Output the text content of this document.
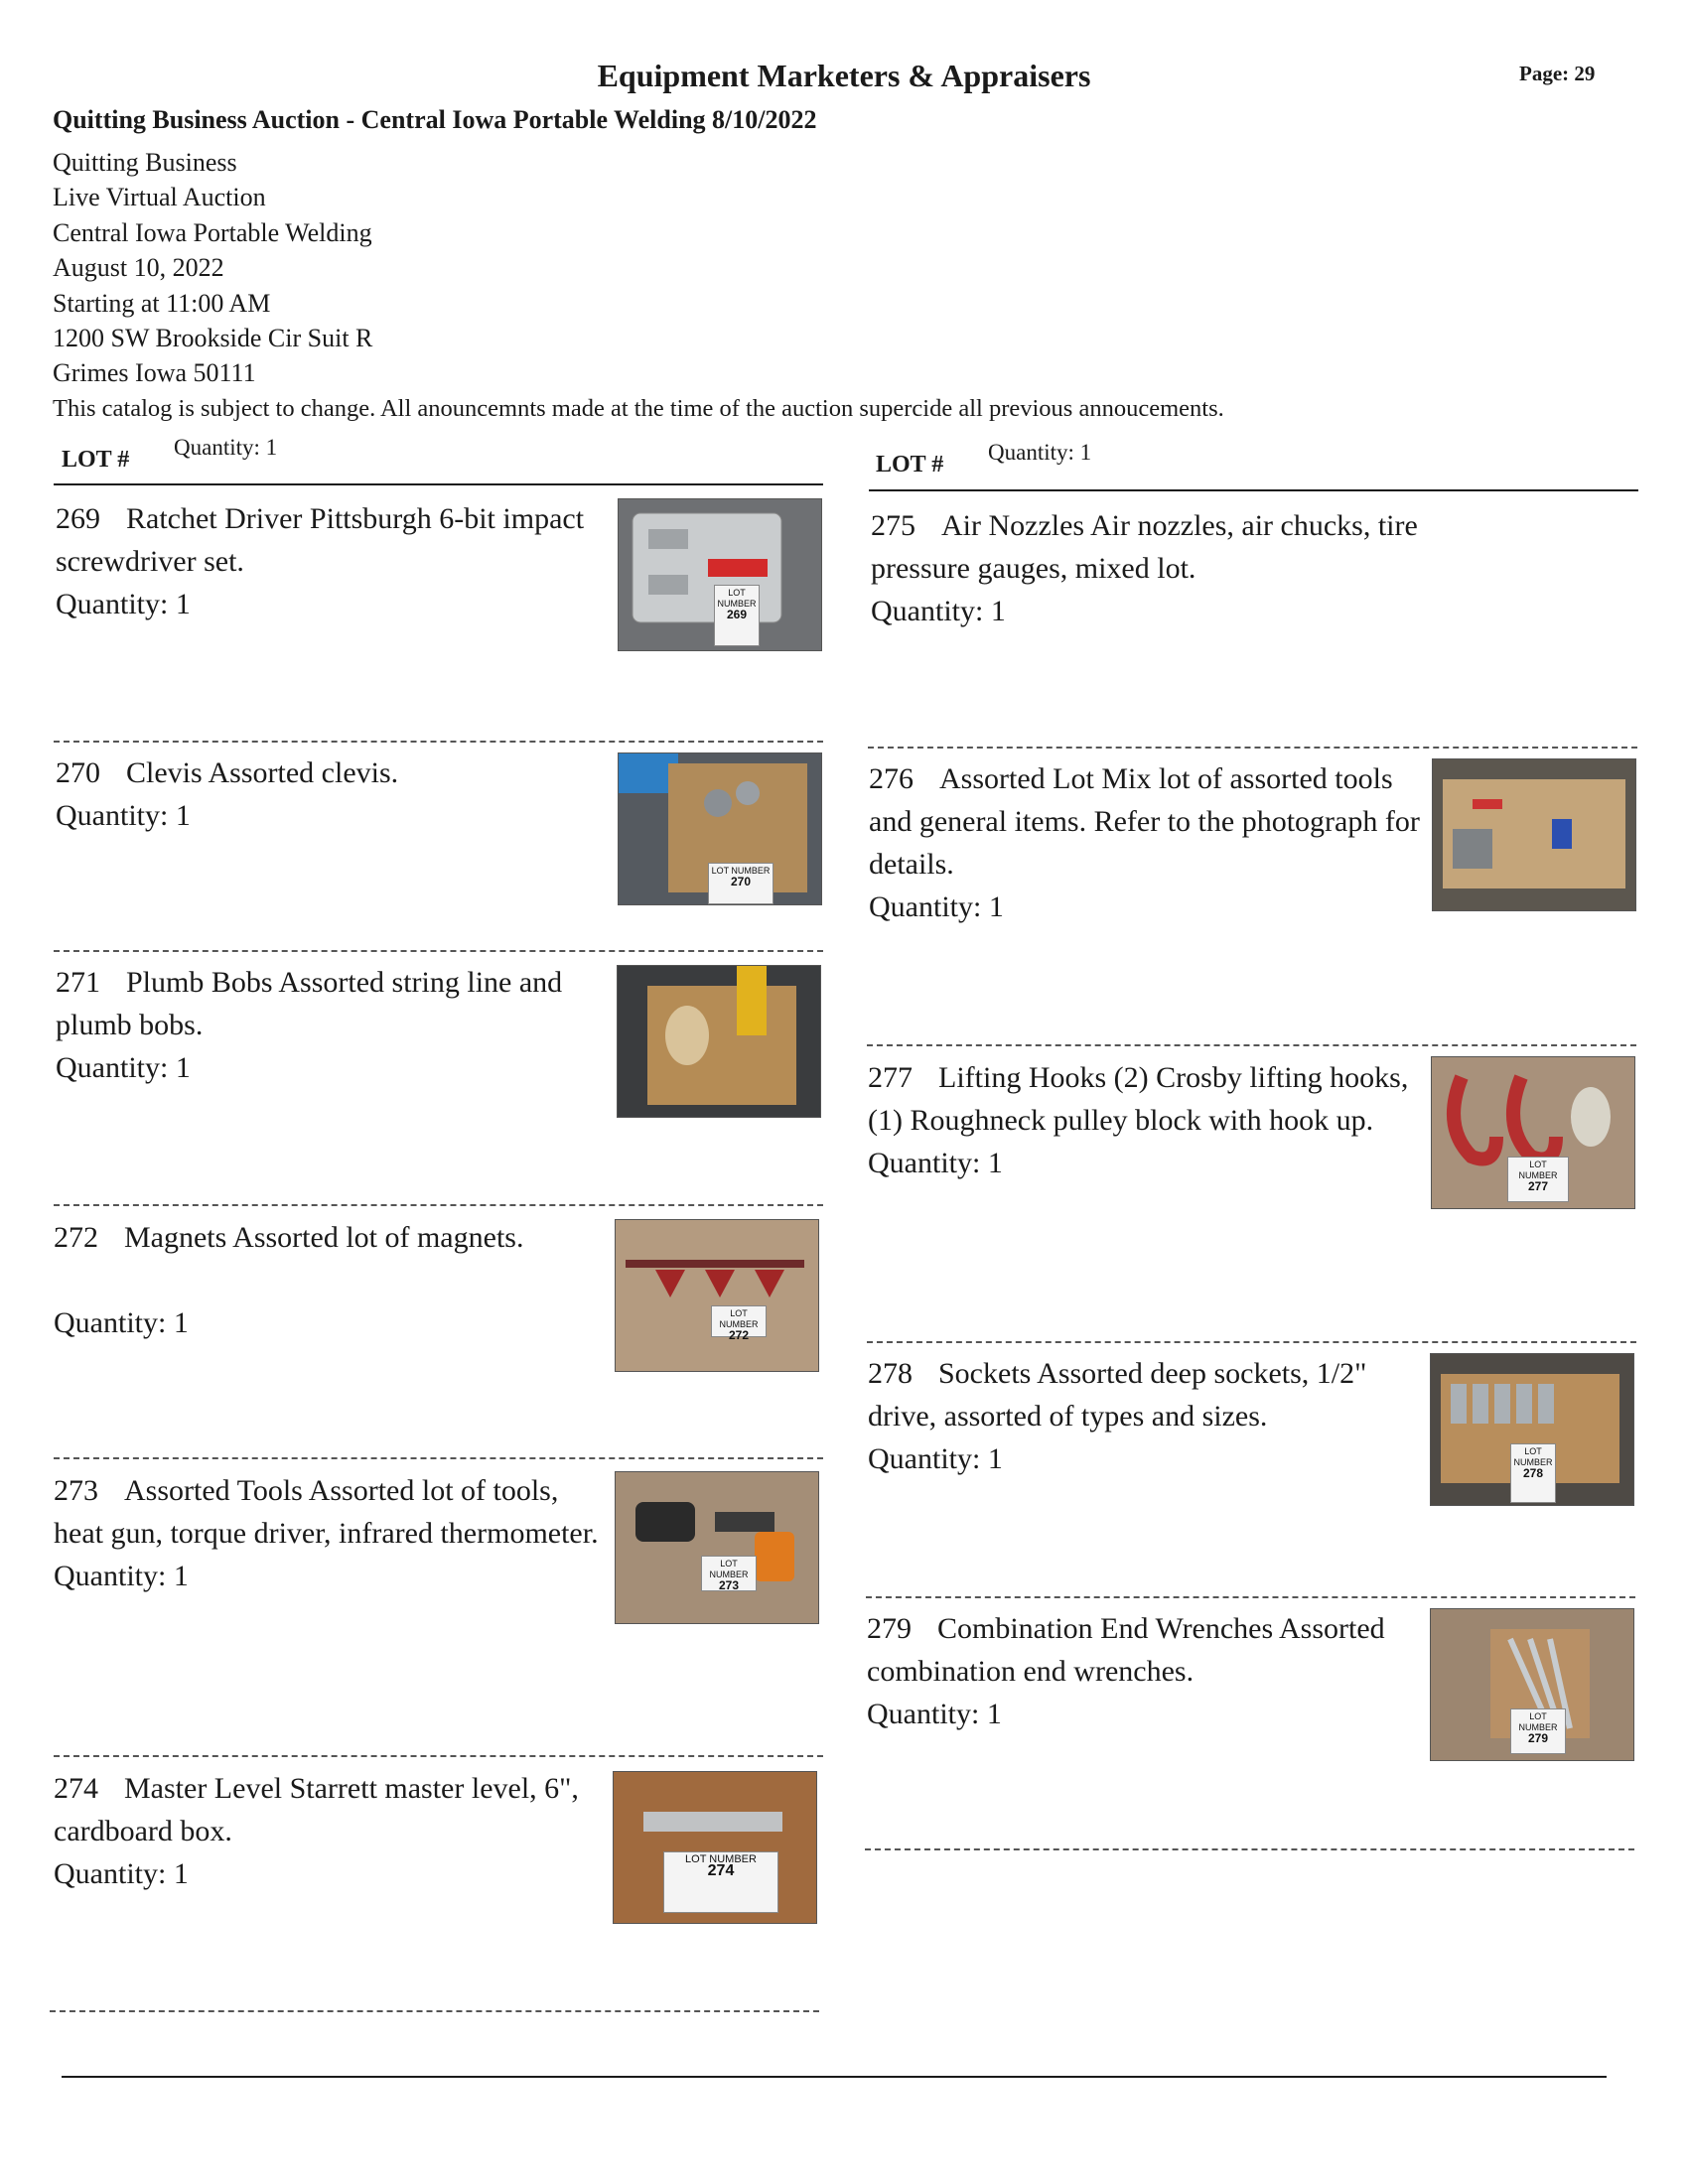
Equipment Marketers & Appraisers	Page: 29
Quitting Business Auction - Central Iowa Portable Welding 8/10/2022
Quitting Business
Live Virtual Auction
Central Iowa Portable Welding
August 10, 2022
Starting at 11:00 AM
1200 SW Brookside Cir Suit R
Grimes Iowa 50111
This catalog is subject to change. All anouncemnts made at the time of the auction supercide all previous annoucements.
LOT # Quantity: 1
LOT # Quantity: 1
269 Ratchet Driver Pittsburgh 6-bit impact screwdriver set.
Quantity: 1	LOT NUMBER
269
270 Clevis Assorted clevis.
Quantity: 1
LOT NUMBER
270
271 Plumb Bobs Assorted string line and plumb bobs.
Quantity: 1
272 Magnets Assorted lot of magnets.
Quantity: 1	LOT NUMBER
272
273 Assorted Tools Assorted lot of tools, heat gun, torque driver, infrared thermometer.
Quantity: 1	LOT NUMBER
273
274 Master Level Starrett master level, 6", cardboard box.
Quantity: 1	LOT NUMBER
274
275 Air Nozzles Air nozzles, air chucks, tire pressure gauges, mixed lot.
Quantity: 1
276 Assorted Lot Mix lot of assorted tools and general items. Refer to the photograph for details.
Quantity: 1
277 Lifting Hooks (2) Crosby lifting hooks, (1) Roughneck pulley block with hook up.
Quantity: 1	LOT NUMBER
277
278 Sockets Assorted deep sockets, 1/2" drive, assorted of types and sizes.
Quantity: 1	LOT NUMBER
278
279 Combination End Wrenches Assorted combination end wrenches.
Quantity: 1	LOT NUMBER
279
